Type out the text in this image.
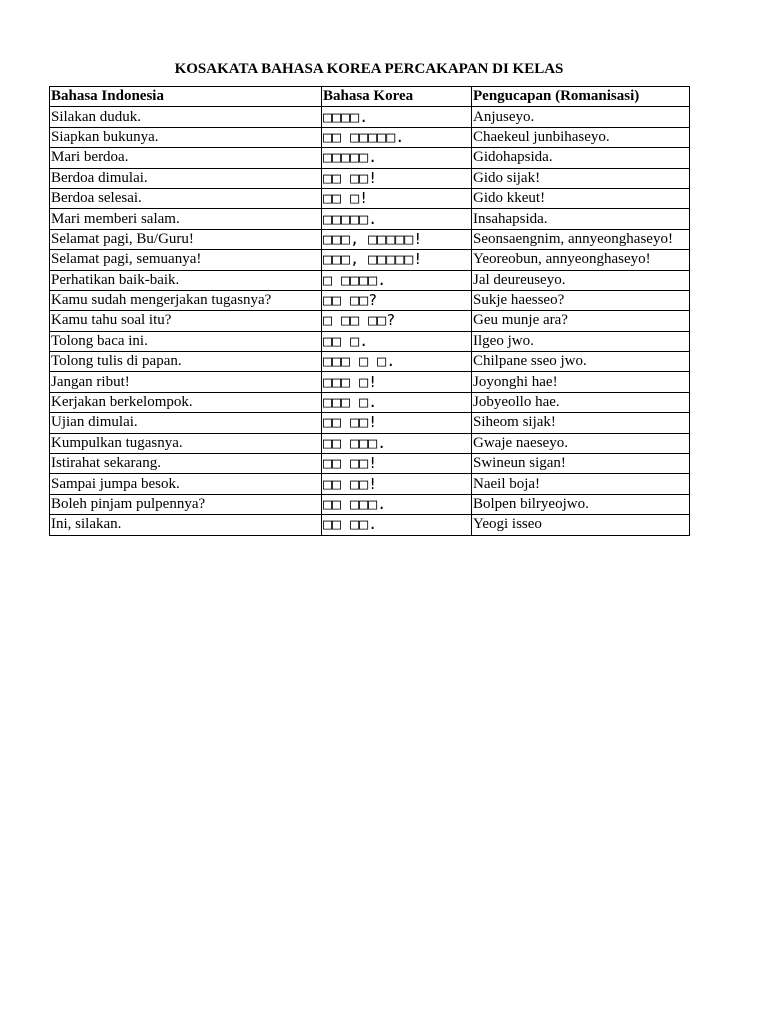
KOSAKATA BAHASA KOREA PERCAKAPAN DI KELAS
Bahasa Indonesia	Bahasa Korea	Pengucapan (Romanisasi)
Silakan duduk.	□□□□.	Anjuseyo.
Siapkan bukunya.	□□ □□□□□.	Chaekeul junbihaseyo.
Mari berdoa.	□□□□□.	Gidohapsida.
Berdoa dimulai.	□□ □□!	Gido sijak!
Berdoa selesai.	□□ □!	Gido kkeut!
Mari memberi salam.	□□□□□.	Insahapsida.
Selamat pagi, Bu/Guru!	□□□, □□□□□!	Seonsaengnim, annyeonghaseyo!
Selamat pagi, semuanya!	□□□, □□□□□!	Yeoreobun, annyeonghaseyo!
Perhatikan baik-baik.	□ □□□□.	Jal deureuseyo.
Kamu sudah mengerjakan tugasnya?	□□ □□?	Sukje haesseo?
Kamu tahu soal itu?	□ □□ □□?	Geu munje ara?
Tolong baca ini.	□□ □.	Ilgeo jwo.
Tolong tulis di papan.	□□□ □ □.	Chilpane sseo jwo.
Jangan ribut!	□□□ □!	Joyonghi hae!
Kerjakan berkelompok.	□□□ □.	Jobyeollo hae.
Ujian dimulai.	□□ □□!	Siheom sijak!
Kumpulkan tugasnya.	□□ □□□.	Gwaje naeseyo.
Istirahat sekarang.	□□ □□!	Swineun sigan!
Sampai jumpa besok.	□□ □□!	Naeil boja!
Boleh pinjam pulpennya?	□□ □□□.	Bolpen bilryeojwo.
Ini, silakan.	□□ □□.	Yeogi isseo
